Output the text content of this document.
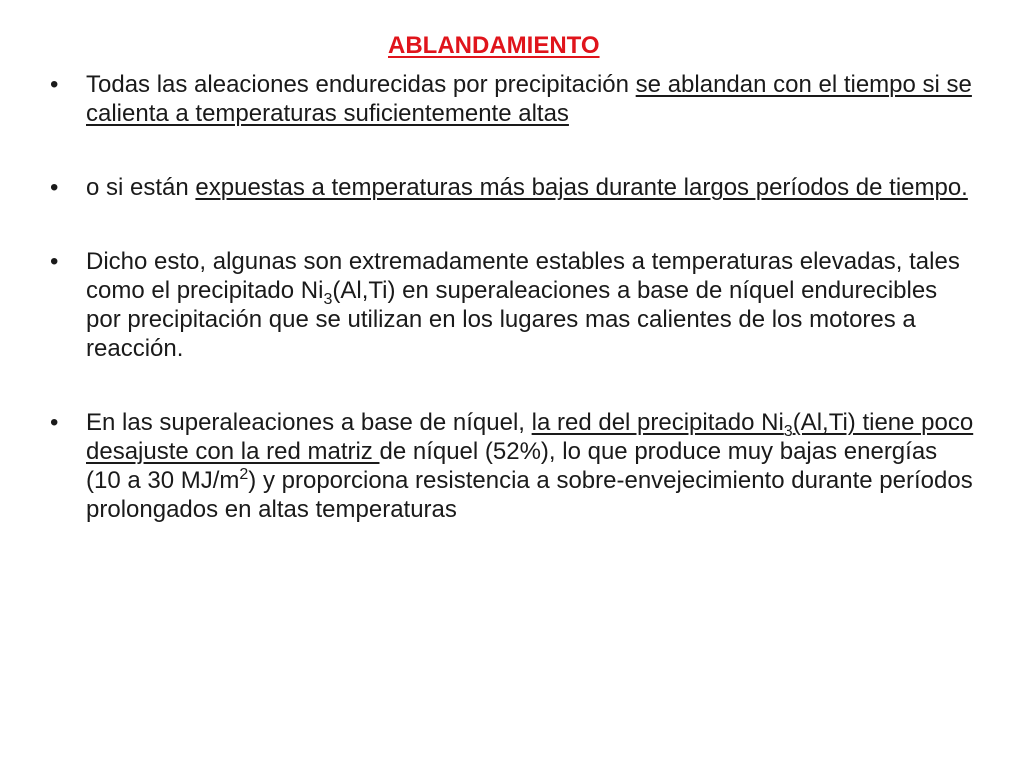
ABLANDAMIENTO
• Todas las aleaciones endurecidas por precipitación se ablandan con el tiempo si se calienta a temperaturas suficientemente altas
• o si están expuestas a temperaturas más bajas durante largos períodos de tiempo.
• Dicho esto, algunas son extremadamente estables a temperaturas elevadas, tales como el precipitado $Ni_3(Al,Ti)$ en superaleaciones a base de níquel endurecibles por precipitación que se utilizan en los lugares mas calientes de los motores a reacción.
• En las superaleaciones a base de níquel, la red del precipitado $Ni_3(Al,Ti)$ tiene poco desajuste con la red matriz de níquel (52%), lo que produce muy bajas energías (10 a 30 $MJ/m^2$) y proporciona resistencia a sobre-envejecimiento durante períodos prolongados en altas temperaturas
